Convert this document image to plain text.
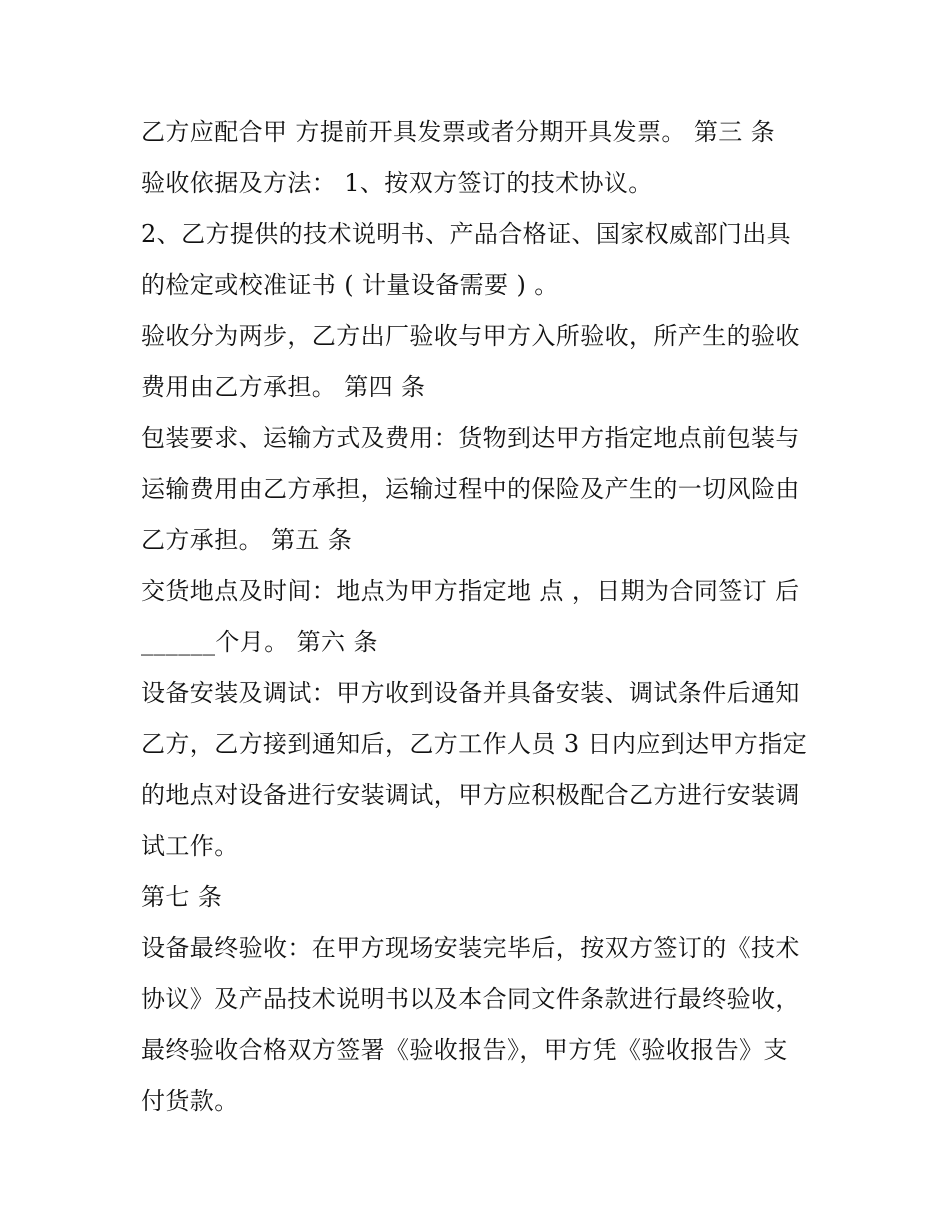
乙方应配合甲 方提前开具发票或者分期开具发票。 第三 条
验收依据及方法： 1、按双方签订的技术协议。
2、乙方提供的技术说明书、产品合格证、国家权威部门出具
的检定或校准证书 ( 计量设备需要 ) 。
验收分为两步，乙方出厂验收与甲方入所验收，所产生的验收
费用由乙方承担。 第四 条
包装要求、运输方式及费用：货物到达甲方指定地点前包装与
运输费用由乙方承担，运输过程中的保险及产生的一切风险由
乙方承担。 第五 条
交货地点及时间：地点为甲方指定地 点 ，日期为合同签订 后
______个月。 第六 条
设备安装及调试：甲方收到设备并具备安装、调试条件后通知
乙方，乙方接到通知后，乙方工作人员 3 日内应到达甲方指定
的地点对设备进行安装调试，甲方应积极配合乙方进行安装调
试工作。
第七 条
设备最终验收：在甲方现场安装完毕后，按双方签订的《技术
协议》及产品技术说明书以及本合同文件条款进行最终验收，
最终验收合格双方签署《验收报告》，甲方凭《验收报告》支
付货款。
